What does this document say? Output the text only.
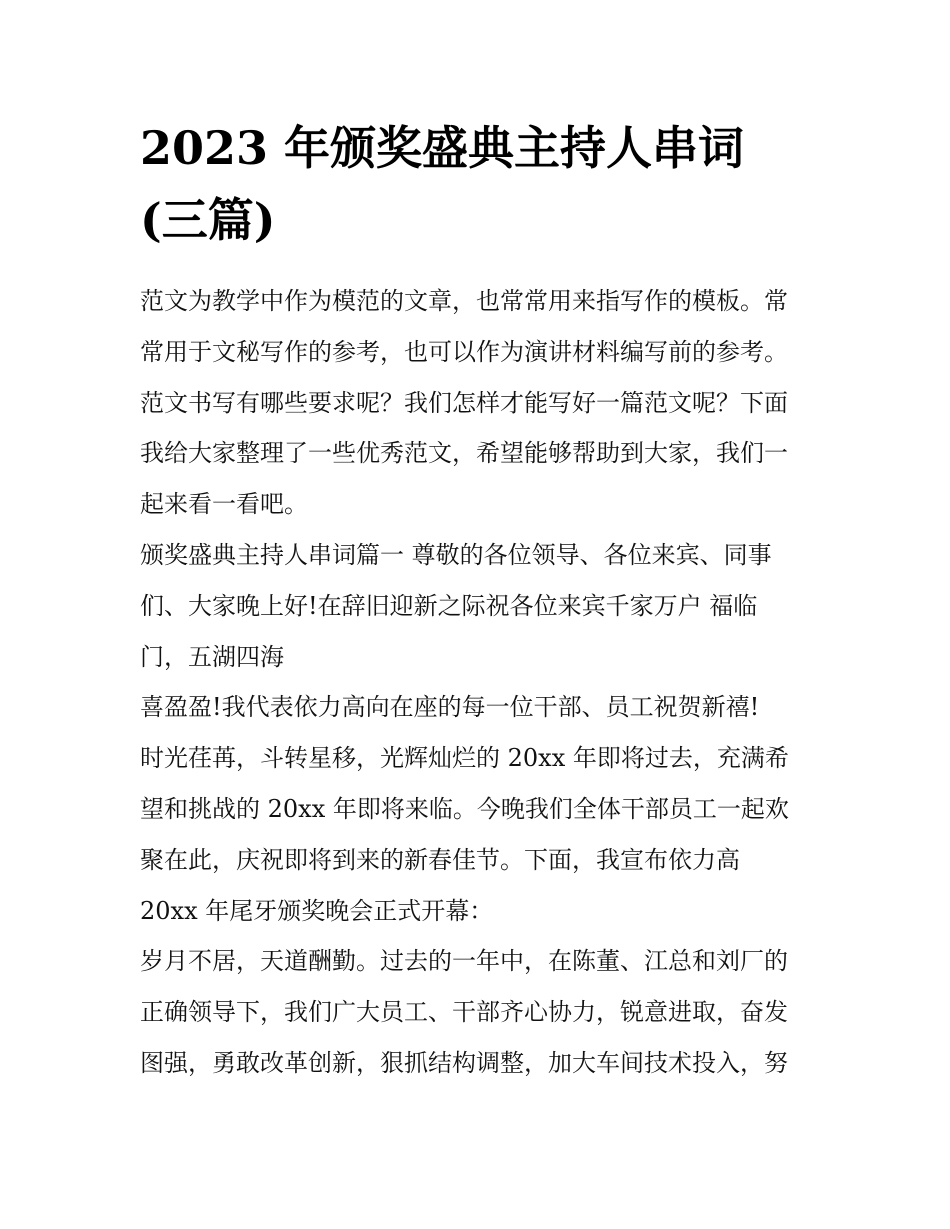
2023 年颁奖盛典主持人串词
(三篇)
范文为教学中作为模范的文章，也常常用来指写作的模板。常
常用于文秘写作的参考，也可以作为演讲材料编写前的参考。
范文书写有哪些要求呢？我们怎样才能写好一篇范文呢？下面
我给大家整理了一些优秀范文，希望能够帮助到大家，我们一
起来看一看吧。
颁奖盛典主持人串词篇一 尊敬的各位领导、各位来宾、同事
们、大家晚上好!在辞旧迎新之际祝各位来宾千家万户 福临
门，五湖四海
喜盈盈!我代表依力高向在座的每一位干部、员工祝贺新禧!
时光荏苒，斗转星移，光辉灿烂的 20xx 年即将过去，充满希
望和挑战的 20xx 年即将来临。今晚我们全体干部员工一起欢
聚在此，庆祝即将到来的新春佳节。下面，我宣布依力高
20xx 年尾牙颁奖晚会正式开幕：
岁月不居，天道酬勤。过去的一年中，在陈董、江总和刘厂的
正确领导下，我们广大员工、干部齐心协力，锐意进取，奋发
图强，勇敢改革创新，狠抓结构调整，加大车间技术投入，努
